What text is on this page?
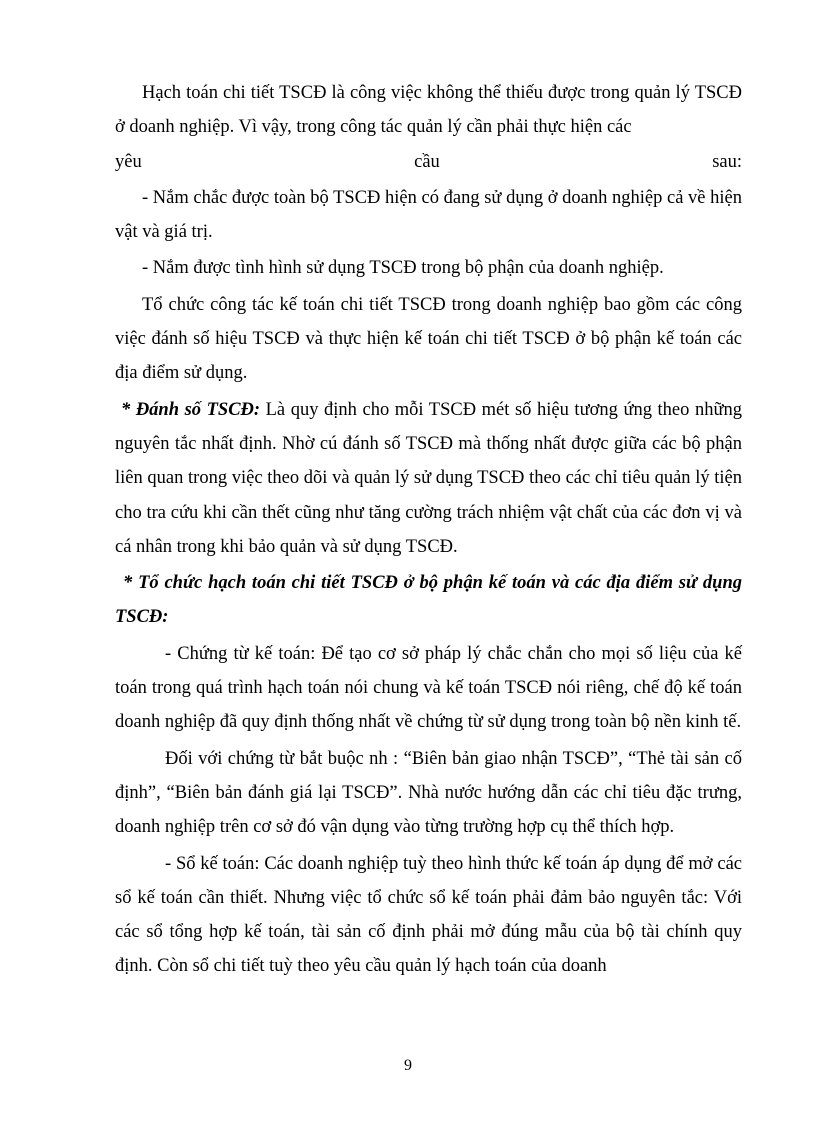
Hạch toán chi tiết TSCĐ là công việc không thể thiếu được trong quản lý TSCĐ ở doanh nghiệp. Vì vậy, trong công tác quản lý cần phải thực hiện các

yêu	cầu	sau:

- Nắm chắc được toàn bộ TSCĐ hiện có đang sử dụng ở doanh nghiệp cả về hiện vật và giá trị.

- Nắm được tình hình sử dụng TSCĐ trong bộ phận của doanh nghiệp.

Tổ chức công tác kế toán chi tiết TSCĐ trong doanh nghiệp bao gồm các công việc đánh số hiệu TSCĐ và thực hiện kế toán chi tiết TSCĐ ở bộ phận kế toán các địa điểm sử dụng.

* Đánh số TSCĐ: Là quy định cho mỗi TSCĐ mét số hiệu tương ứng theo những nguyên tắc nhất định. Nhờ cú đánh số TSCĐ mà thống nhất được giữa các bộ phận liên quan trong việc theo dõi và quản lý sử dụng TSCĐ theo các chỉ tiêu quản lý tiện cho tra cứu khi cần thết cũng như tăng cường trách nhiệm vật chất của các đơn vị và cá nhân trong khi bảo quản và sử dụng TSCĐ.

* Tổ chức hạch toán chi tiết TSCĐ ở bộ phận kế toán và các địa điểm sử dụng TSCĐ:

- Chứng từ kế toán: Để tạo cơ sở pháp lý chắc chắn cho mọi số liệu của kế toán trong quá trình hạch toán nói chung và kế toán TSCĐ nói riêng, chế độ kế toán doanh nghiệp đã quy định thống nhất về chứng từ sử dụng trong toàn bộ nền kinh tế.

Đối với chứng từ bắt buộc nh : “Biên bản giao nhận TSCĐ”, “Thẻ tài sản cố định”, “Biên bản đánh giá lại TSCĐ”. Nhà nước hướng dẫn các chỉ tiêu đặc trưng, doanh nghiệp trên cơ sở đó vận dụng vào từng trường hợp cụ thể thích hợp.

- Sổ kế toán: Các doanh nghiệp tuỳ theo hình thức kế toán áp dụng để mở các sổ kế toán cần thiết. Nhưng việc tổ chức sổ kế toán phải đảm bảo nguyên tắc: Với các sổ tổng hợp kế toán, tài sản cố định phải mở đúng mẫu của bộ tài chính quy định. Còn sổ chi tiết tuỳ theo yêu cầu quản lý hạch toán của doanh

9
